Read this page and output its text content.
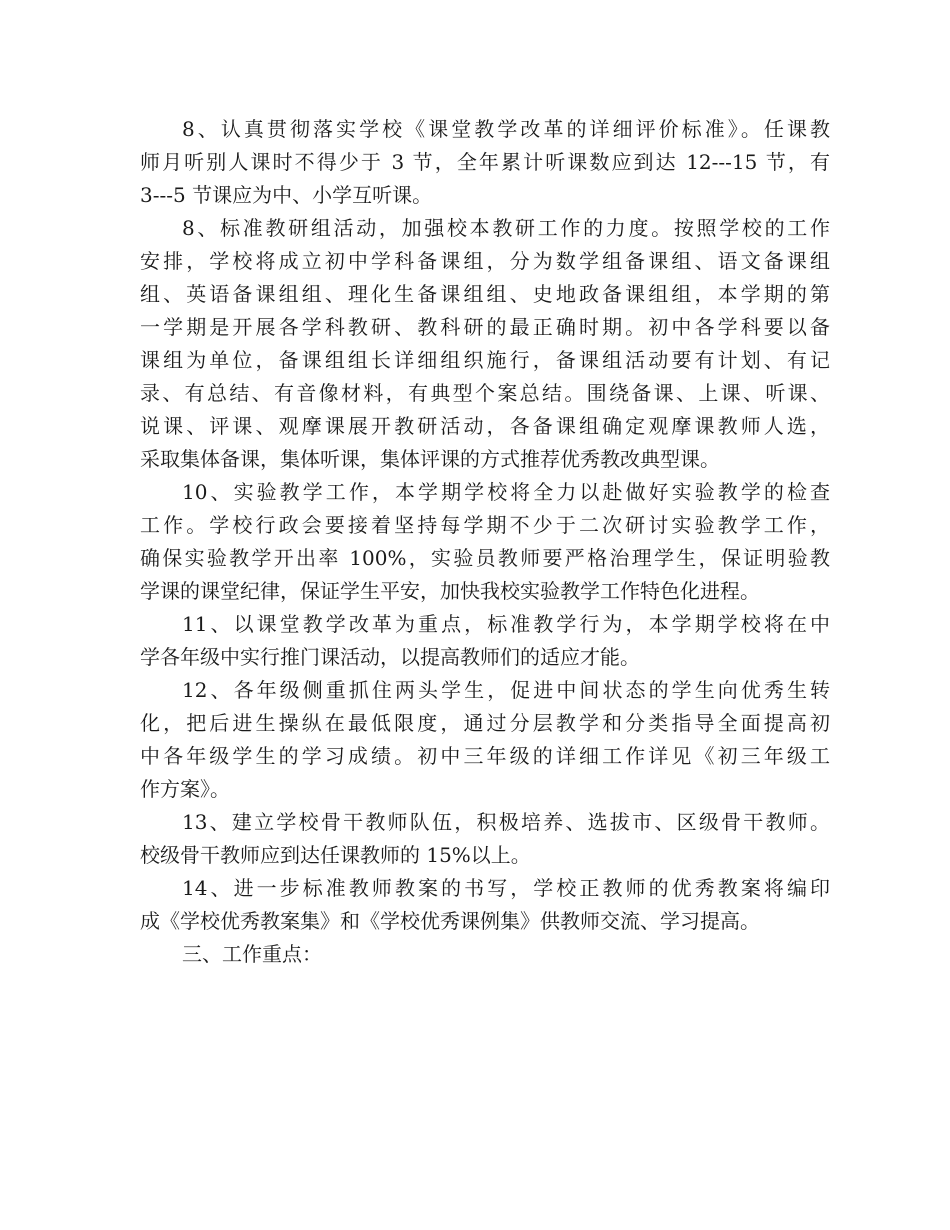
8、认真贯彻落实学校《课堂教学改革的详细评价标准》。任课教
师月听别人课时不得少于 3 节，全年累计听课数应到达 12---15 节，有
3---5 节课应为中、小学互听课。
8、标准教研组活动，加强校本教研工作的力度。按照学校的工作
安排，学校将成立初中学科备课组，分为数学组备课组、语文备课组
组、英语备课组组、理化生备课组组、史地政备课组组，本学期的第
一学期是开展各学科教研、教科研的最正确时期。初中各学科要以备
课组为单位，备课组组长详细组织施行，备课组活动要有计划、有记
录、有总结、有音像材料，有典型个案总结。围绕备课、上课、听课、
说课、评课、观摩课展开教研活动，各备课组确定观摩课教师人选，
采取集体备课，集体听课，集体评课的方式推荐优秀教改典型课。
10、实验教学工作，本学期学校将全力以赴做好实验教学的检查
工作。学校行政会要接着坚持每学期不少于二次研讨实验教学工作，
确保实验教学开出率 100%，实验员教师要严格治理学生，保证明验教
学课的课堂纪律，保证学生平安，加快我校实验教学工作特色化进程。
11、以课堂教学改革为重点，标准教学行为，本学期学校将在中
学各年级中实行推门课活动，以提高教师们的适应才能。
12、各年级侧重抓住两头学生，促进中间状态的学生向优秀生转
化，把后进生操纵在最低限度，通过分层教学和分类指导全面提高初
中各年级学生的学习成绩。初中三年级的详细工作详见《初三年级工
作方案》。
13、建立学校骨干教师队伍，积极培养、选拔市、区级骨干教师。
校级骨干教师应到达任课教师的 15%以上。
14、进一步标准教师教案的书写，学校正教师的优秀教案将编印
成《学校优秀教案集》和《学校优秀课例集》供教师交流、学习提高。
三、工作重点：
